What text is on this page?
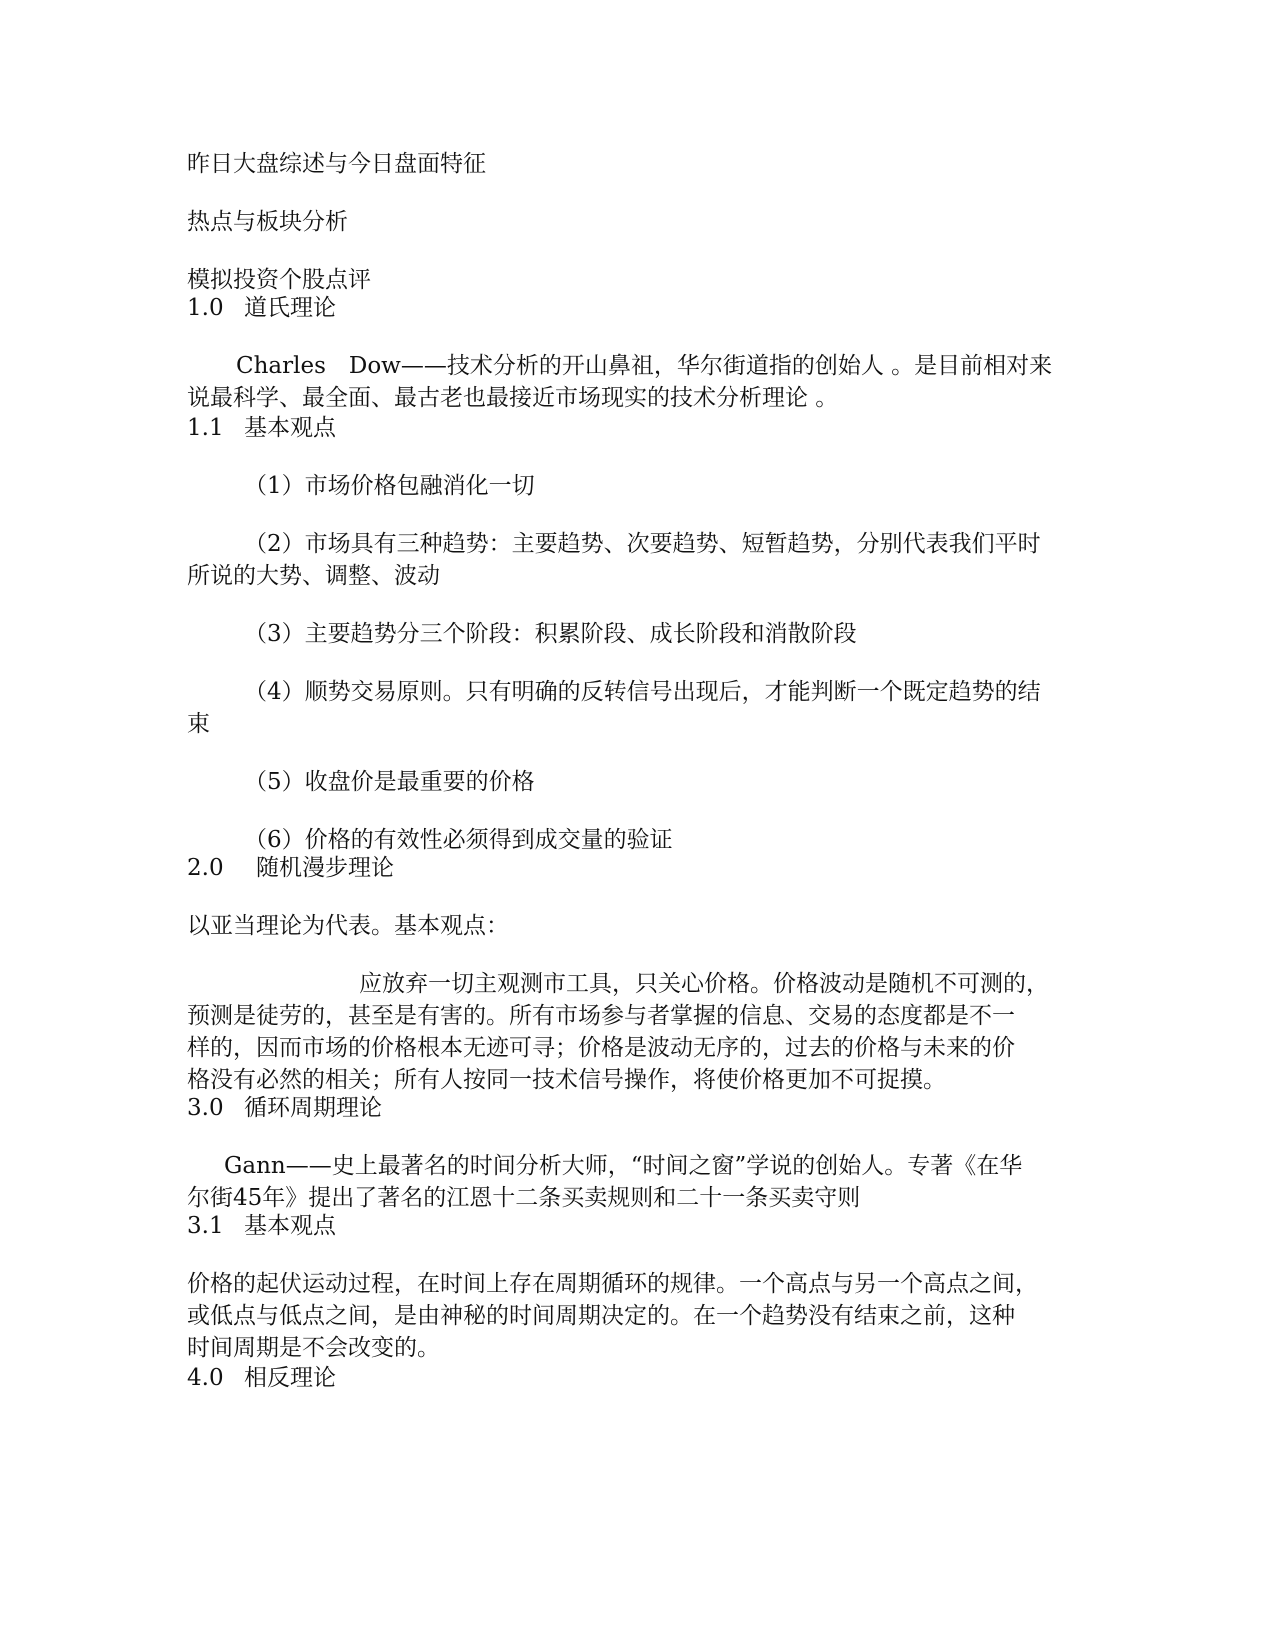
昨日大盘综述与今日盘面特征

热点与板块分析

模拟投资个股点评

1.0 道氏理论

Charles　Dow——技术分析的开山鼻祖，华尔街道指的创始人 。是目前相对来

说最科学、最全面、最古老也最接近市场现实的技术分析理论 。

1.1 基本观点

（1）市场价格包融消化一切

（2）市场具有三种趋势：主要趋势、次要趋势、短暂趋势，分别代表我们平时

所说的大势、调整、波动

（3）主要趋势分三个阶段：积累阶段、成长阶段和消散阶段

（4）顺势交易原则。只有明确的反转信号出现后，才能判断一个既定趋势的结

束

（5）收盘价是最重要的价格

（6）价格的有效性必须得到成交量的验证

2.0 随机漫步理论

以亚当理论为代表。基本观点：

应放弃一切主观测市工具，只关心价格。价格波动是随机不可测的，

预测是徒劳的，甚至是有害的。所有市场参与者掌握的信息、交易的态度都是不一

样的，因而市场的价格根本无迹可寻；价格是波动无序的，过去的价格与未来的价

格没有必然的相关；所有人按同一技术信号操作，将使价格更加不可捉摸。

3.0 循环周期理论

Gann——史上最著名的时间分析大师，“时间之窗”学说的创始人。专著《在华

尔街45年》提出了著名的江恩十二条买卖规则和二十一条买卖守则

3.1 基本观点

价格的起伏运动过程，在时间上存在周期循环的规律。一个高点与另一个高点之间，

或低点与低点之间，是由神秘的时间周期决定的。在一个趋势没有结束之前，这种

时间周期是不会改变的。

4.0 相反理论
